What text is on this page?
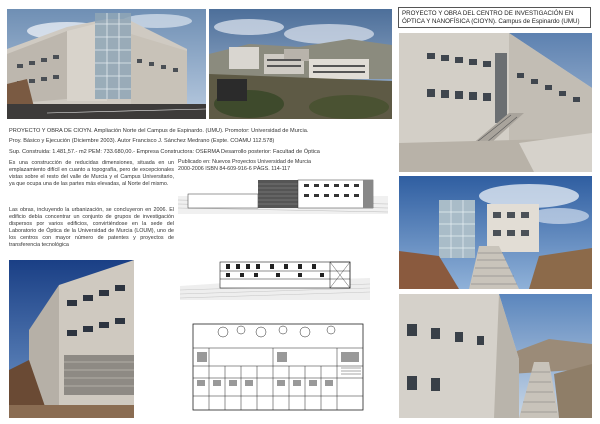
PROYECTO Y OBRA DEL CENTRO DE INVESTIGACIÓN EN ÓPTICA Y NANOFÍSICA (CIOYN). Campus de Espinardo (UMU)
PROYECTO Y OBRA DE CIOYN. Ampliación Norte del Campus de Espinardo. (UMU). Promotor: Universidad de Murcia.
Proy. Básico y Ejecución (Diciembre 2003). Autor Francisco J. Sánchez Medrano (Expte. COAMU 112.578)
Sup. Construida: 1.481,57.- m2 PEM: 733.680,00.- Empresa Constructora: OSERMA Desarrollo posterior: Facultad de Óptica
Es una construcción de reducidas dimensiones, situada en un emplazamiento difícil en cuanto a topografía, pero de excepcionales vistas sobre el resto del valle de Murcia y el Campus Universitario, ya que ocupa una de las partes más elevadas, al Norte del mismo.
Las obras, incluyendo la urbanización, se concluyeron en 2006. El edificio debía concentrar un conjunto de grupos de investigación dispersos por varios edificios, convirtiéndose en la sede del Laboratorio de Óptica de la Universidad de Murcia (LOUM), uno de los centros con mayor número de patentes y proyectos de transferencia tecnológica
Publicado en: Nuevos Proyectos Universidad de Murcia
2000-2006 ISBN 84-609-916-6 PÁGS. 114-117
